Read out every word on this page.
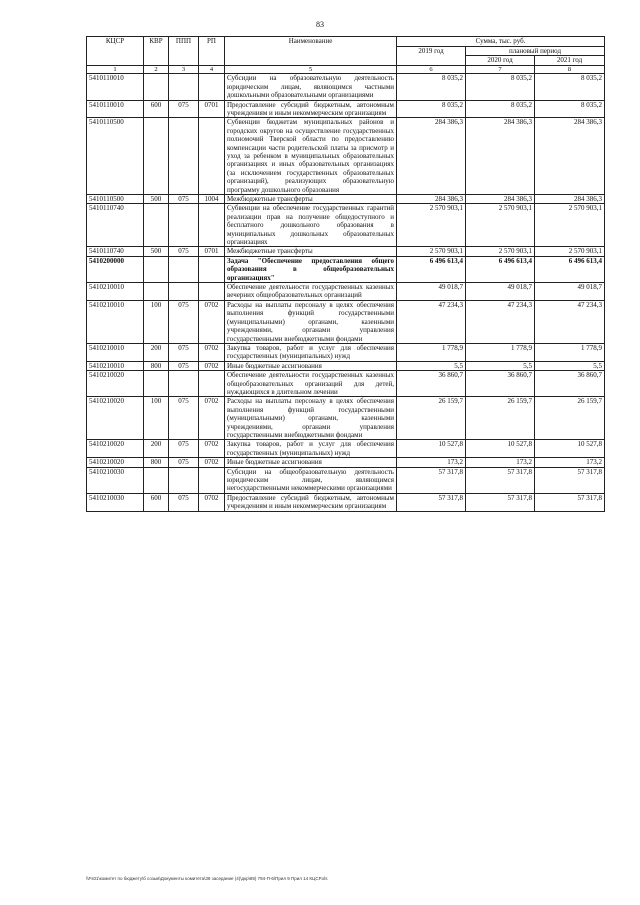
83
КЦСР	КВР	ППП	РП	Наименование	Сумма, тыс. руб.		
					2019 год	плановый период	
						2020 год	2021 год
1	2	3	4	5	6	7	8
5410110010				Субсидии на образовательную деятельность юридическим лицам, являющимся частными дошкольными образовательными организациями	8 035,2	8 035,2	8 035,2
5410110010	600	075	0701	Предоставление субсидий бюджетным, автономным учреждениям и иным некоммерческим организациям	8 035,2	8 035,2	8 035,2
5410110500				Субвенции бюджетам муниципальных районов и городских округов на осуществление государственных полномочий Тверской области по предоставлению компенсации части родительской платы за присмотр и уход за ребенком в муниципальных образовательных организациях и иных образовательных организациях (за исключением государственных образовательных организаций), реализующих образовательную программу дошкольного образования	284 386,3	284 386,3	284 386,3
5410110500	500	075	1004	Межбюджетные трансферты	284 386,3	284 386,3	284 386,3
5410110740				Субвенции на обеспечение государственных гарантий реализации прав на получение общедоступного и бесплатного дошкольного образования в муниципальных дошкольных образовательных организациях	2 570 903,1	2 570 903,1	2 570 903,1
5410110740	500	075	0701	Межбюджетные трансферты	2 570 903,1	2 570 903,1	2 570 903,1
5410200000				Задача "Обеспечение предоставления общего образования в общеобразовательных организациях"	6 496 613,4	6 496 613,4	6 496 613,4
5410210010				Обеспечение деятельности государственных казенных вечерних общеобразовательных организаций	49 018,7	49 018,7	49 018,7
5410210010	100	075	0702	Расходы на выплаты персоналу в целях обеспечения выполнения функций государственными (муниципальными) органами, казенными учреждениями, органами управления государственными внебюджетными фондами	47 234,3	47 234,3	47 234,3
5410210010	200	075	0702	Закупка товаров, работ и услуг для обеспечения государственных (муниципальных) нужд	1 778,9	1 778,9	1 778,9
5410210010	800	075	0702	Иные бюджетные ассигнования	5,5	5,5	5,5
5410210020				Обеспечение деятельности государственных казенных общеобразовательных организаций для детей, нуждающихся в длительном лечении	36 860,7	36 860,7	36 860,7
5410210020	100	075	0702	Расходы на выплаты персоналу в целях обеспечения выполнения функций государственными (муниципальными) органами, казенными учреждениями, органами управления государственными внебюджетными фондами	26 159,7	26 159,7	26 159,7
5410210020	200	075	0702	Закупка товаров, работ и услуг для обеспечения государственных (муниципальных) нужд	10 527,8	10 527,8	10 527,8
5410210020	800	075	0702	Иные бюджетные ассигнования	173,2	173,2	173,2
5410210030				Субсидии на общеобразовательную деятельность юридическим лицам, являющимся негосударственными некоммерческими организациями	57 317,8	57 317,8	57 317,8
5410210030	600	075	0702	Предоставление субсидий бюджетным, автономным учреждениям и иным некоммерческим организациям	57 317,8	57 317,8	57 317,8
\\Fs01\комитет по бюджету\б созыв\Документы комитета\39 заседание (4)\дкр\89) 794-П-6\Прил 9 Прил 14 КЦСР.xls
